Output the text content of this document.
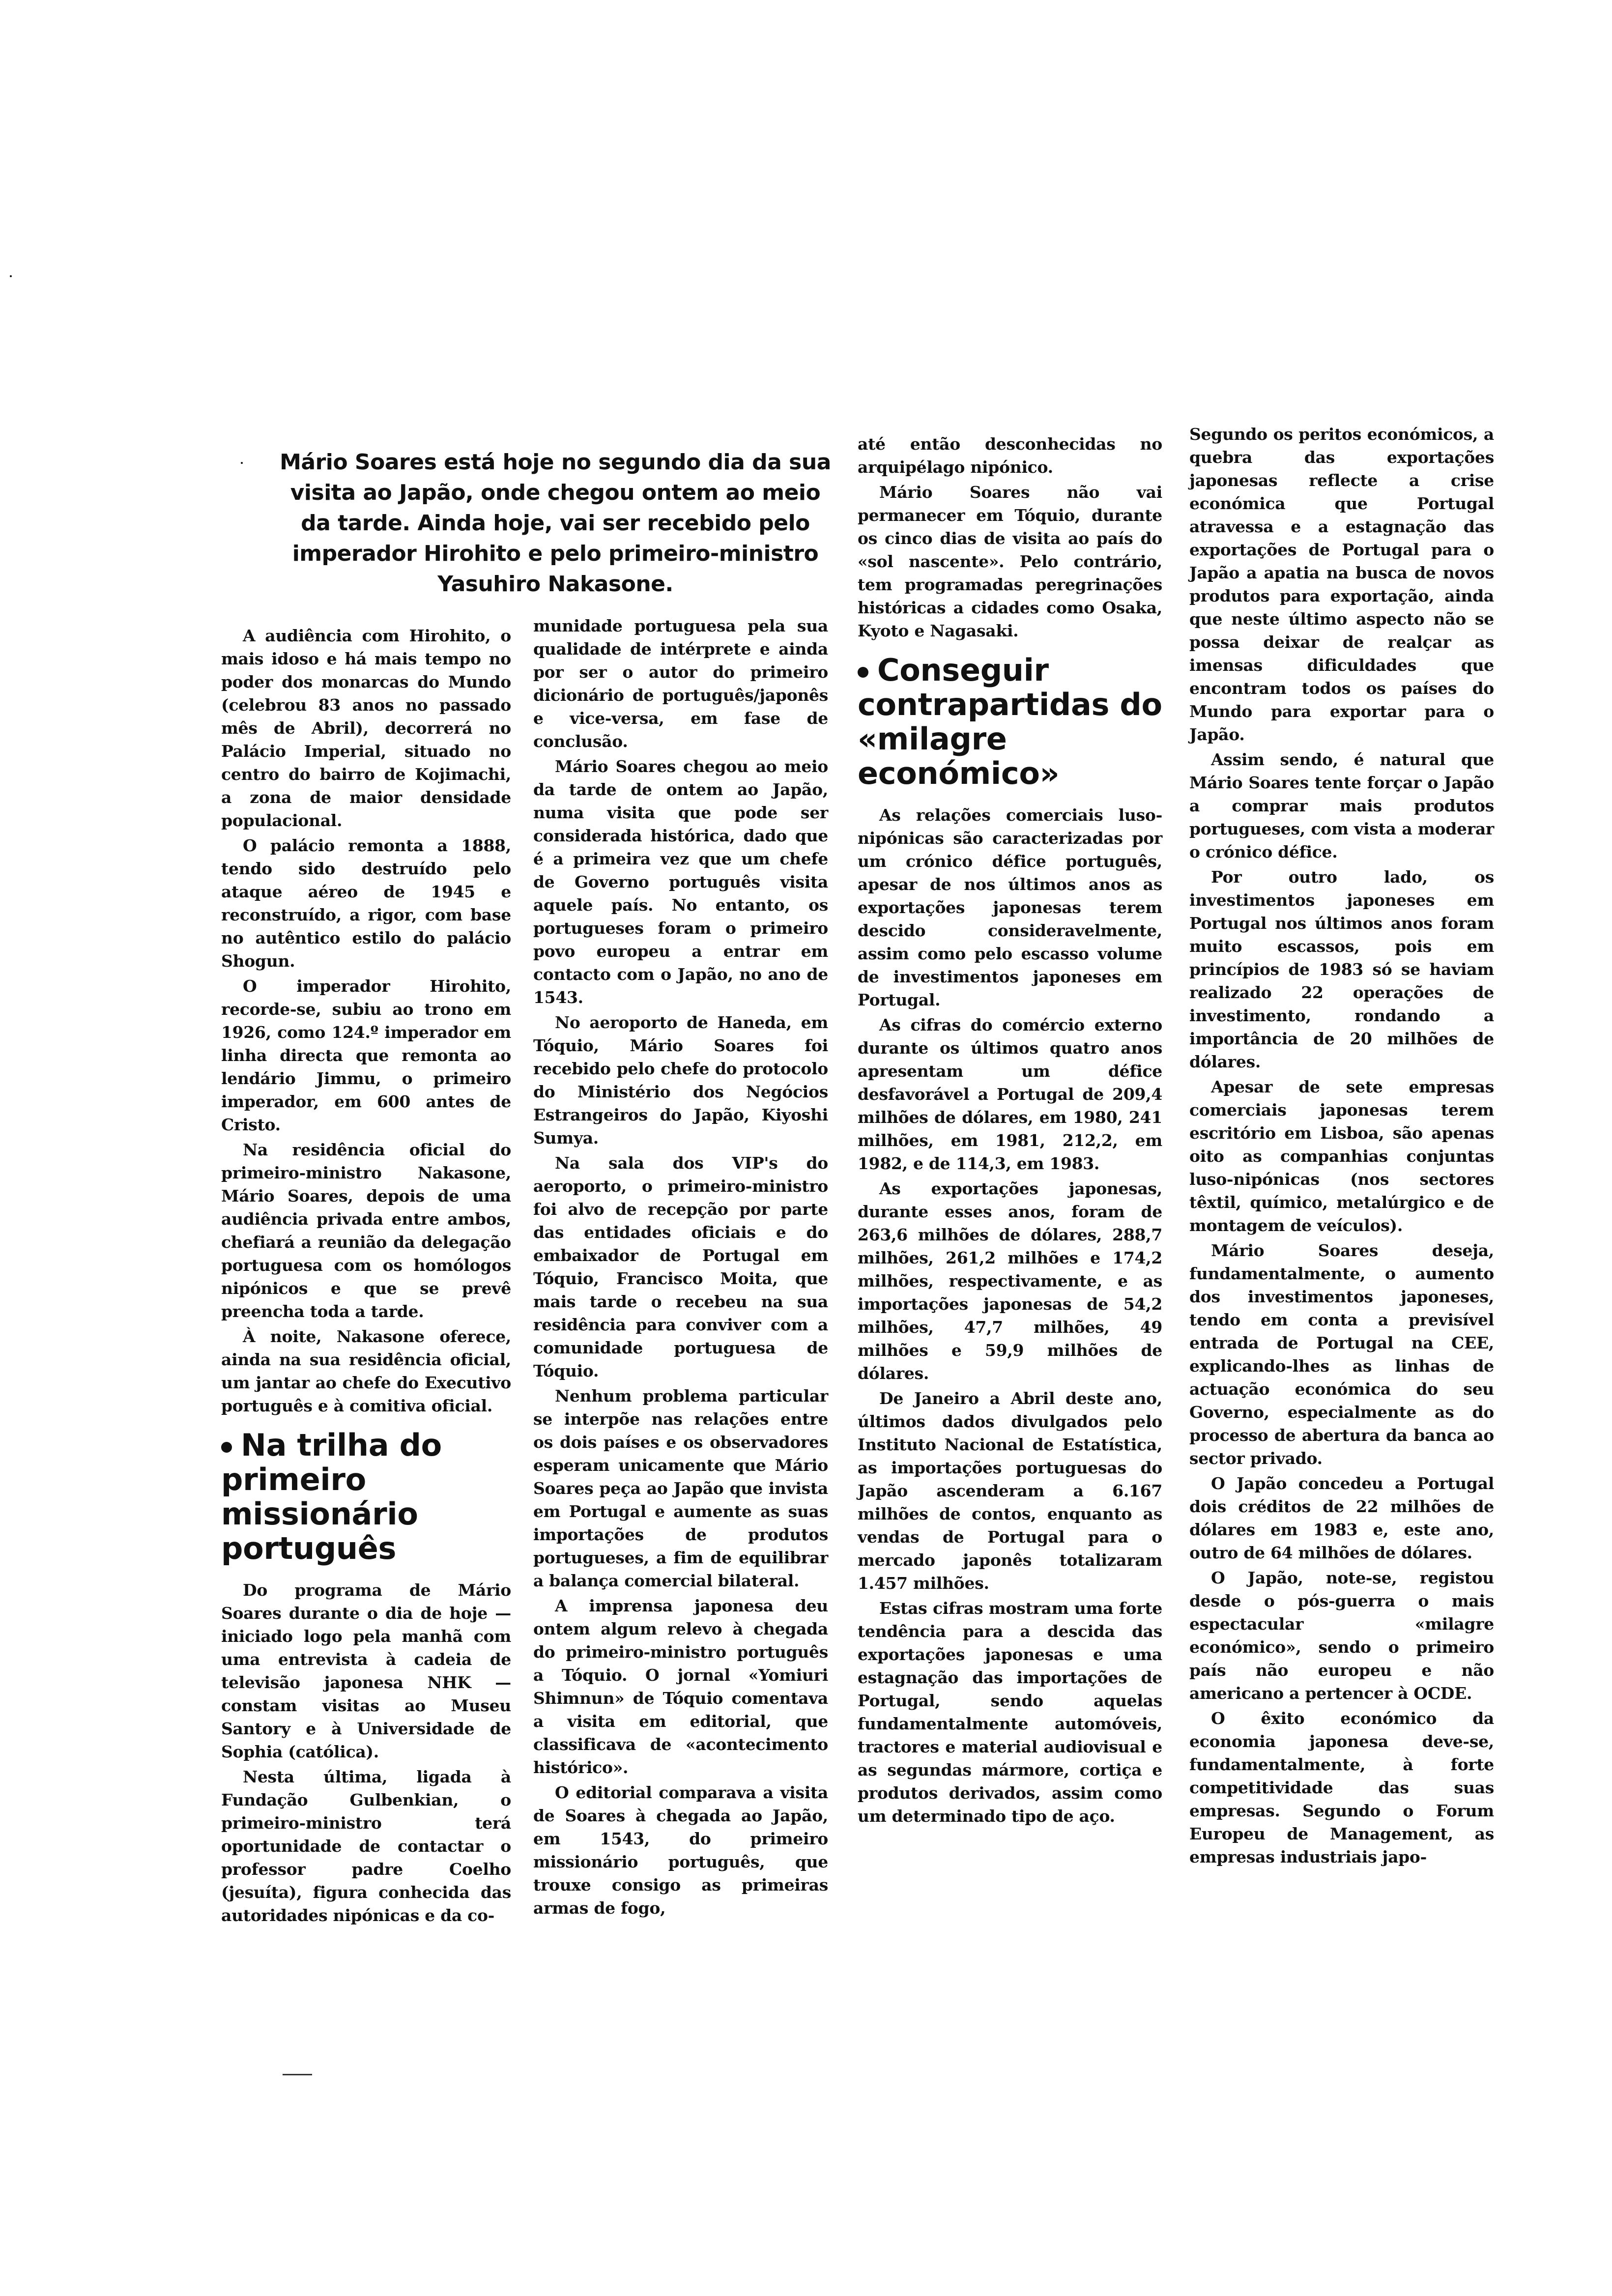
Mário Soares está hoje no segundo dia da sua visita ao Japão, onde chegou ontem ao meio da tarde. Ainda hoje, vai ser recebido pelo imperador Hirohito e pelo primeiro-ministro Yasuhiro Nakasone.

A audiência com Hirohito, o mais idoso e há mais tempo no poder dos monarcas do Mundo (celebrou 83 anos no passado mês de Abril), decorrerá no Palácio Imperial, situado no centro do bairro de Kojimachi, a zona de maior densidade populacional.

O palácio remonta a 1888, tendo sido destruído pelo ataque aéreo de 1945 e reconstruído, a rigor, com base no autêntico estilo do palácio Shogun.

O imperador Hirohito, recorde-se, subiu ao trono em 1926, como 124.º imperador em linha directa que remonta ao lendário Jimmu, o primeiro imperador, em 600 antes de Cristo.

Na residência oficial do primeiro-ministro Nakasone, Mário Soares, depois de uma audiência privada entre ambos, chefiará a reunião da delegação portuguesa com os homólogos nipónicos e que se prevê preencha toda a tarde.

À noite, Nakasone oferece, ainda na sua residência oficial, um jantar ao chefe do Executivo português e à comitiva oficial.

Na trilha do primeiro missionário português

Do programa de Mário Soares durante o dia de hoje — iniciado logo pela manhã com uma entrevista à cadeia de televisão japonesa NHK — constam visitas ao Museu Santory e à Universidade de Sophia (católica).

Nesta última, ligada à Fundação Gulbenkian, o primeiro-ministro terá oportunidade de contactar o professor padre Coelho (jesuíta), figura conhecida das autoridades nipónicas e da co-

munidade portuguesa pela sua qualidade de intérprete e ainda por ser o autor do primeiro dicionário de português/japonês e vice-versa, em fase de conclusão.

Mário Soares chegou ao meio da tarde de ontem ao Japão, numa visita que pode ser considerada histórica, dado que é a primeira vez que um chefe de Governo português visita aquele país. No entanto, os portugueses foram o primeiro povo europeu a entrar em contacto com o Japão, no ano de 1543.

No aeroporto de Haneda, em Tóquio, Mário Soares foi recebido pelo chefe do protocolo do Ministério dos Negócios Estrangeiros do Japão, Kiyoshi Sumya.

Na sala dos VIP's do aeroporto, o primeiro-ministro foi alvo de recepção por parte das entidades oficiais e do embaixador de Portugal em Tóquio, Francisco Moita, que mais tarde o recebeu na sua residência para conviver com a comunidade portuguesa de Tóquio.

Nenhum problema particular se interpõe nas relações entre os dois países e os observadores esperam unicamente que Mário Soares peça ao Japão que invista em Portugal e aumente as suas importações de produtos portugueses, a fim de equilibrar a balança comercial bilateral.

A imprensa japonesa deu ontem algum relevo à chegada do primeiro-ministro português a Tóquio. O jornal «Yomiuri Shimnun» de Tóquio comentava a visita em editorial, que classificava de «acontecimento histórico».

O editorial comparava a visita de Soares à chegada ao Japão, em 1543, do primeiro missionário português, que trouxe consigo as primeiras armas de fogo,

até então desconhecidas no arquipélago nipónico.

Mário Soares não vai permanecer em Tóquio, durante os cinco dias de visita ao país do «sol nascente». Pelo contrário, tem programadas peregrinações históricas a cidades como Osaka, Kyoto e Nagasaki.

Conseguir contrapartidas do «milagre económico»

As relações comerciais luso-nipónicas são caracterizadas por um crónico défice português, apesar de nos últimos anos as exportações japonesas terem descido consideravelmente, assim como pelo escasso volume de investimentos japoneses em Portugal.

As cifras do comércio externo durante os últimos quatro anos apresentam um défice desfavorável a Portugal de 209,4 milhões de dólares, em 1980, 241 milhões, em 1981, 212,2, em 1982, e de 114,3, em 1983.

As exportações japonesas, durante esses anos, foram de 263,6 milhões de dólares, 288,7 milhões, 261,2 milhões e 174,2 milhões, respectivamente, e as importações japonesas de 54,2 milhões, 47,7 milhões, 49 milhões e 59,9 milhões de dólares.

De Janeiro a Abril deste ano, últimos dados divulgados pelo Instituto Nacional de Estatística, as importações portuguesas do Japão ascenderam a 6.167 milhões de contos, enquanto as vendas de Portugal para o mercado japonês totalizaram 1.457 milhões.

Estas cifras mostram uma forte tendência para a descida das exportações japonesas e uma estagnação das importações de Portugal, sendo aquelas fundamentalmente automóveis, tractores e material audiovisual e as segundas mármore, cortiça e produtos derivados, assim como um determinado tipo de aço.

Segundo os peritos económicos, a quebra das exportações japonesas reflecte a crise económica que Portugal atravessa e a estagnação das exportações de Portugal para o Japão a apatia na busca de novos produtos para exportação, ainda que neste último aspecto não se possa deixar de realçar as imensas dificuldades que encontram todos os países do Mundo para exportar para o Japão.

Assim sendo, é natural que Mário Soares tente forçar o Japão a comprar mais produtos portugueses, com vista a moderar o crónico défice.

Por outro lado, os investimentos japoneses em Portugal nos últimos anos foram muito escassos, pois em princípios de 1983 só se haviam realizado 22 operações de investimento, rondando a importância de 20 milhões de dólares.

Apesar de sete empresas comerciais japonesas terem escritório em Lisboa, são apenas oito as companhias conjuntas luso-nipónicas (nos sectores têxtil, químico, metalúrgico e de montagem de veículos).

Mário Soares deseja, fundamentalmente, o aumento dos investimentos japoneses, tendo em conta a previsível entrada de Portugal na CEE, explicando-lhes as linhas de actuação económica do seu Governo, especialmente as do processo de abertura da banca ao sector privado.

O Japão concedeu a Portugal dois créditos de 22 milhões de dólares em 1983 e, este ano, outro de 64 milhões de dólares.

O Japão, note-se, registou desde o pós-guerra o mais espectacular «milagre económico», sendo o primeiro país não europeu e não americano a pertencer à OCDE.

O êxito económico da economia japonesa deve-se, fundamentalmente, à forte competitividade das suas empresas. Segundo o Forum Europeu de Management, as empresas industriais japo-
